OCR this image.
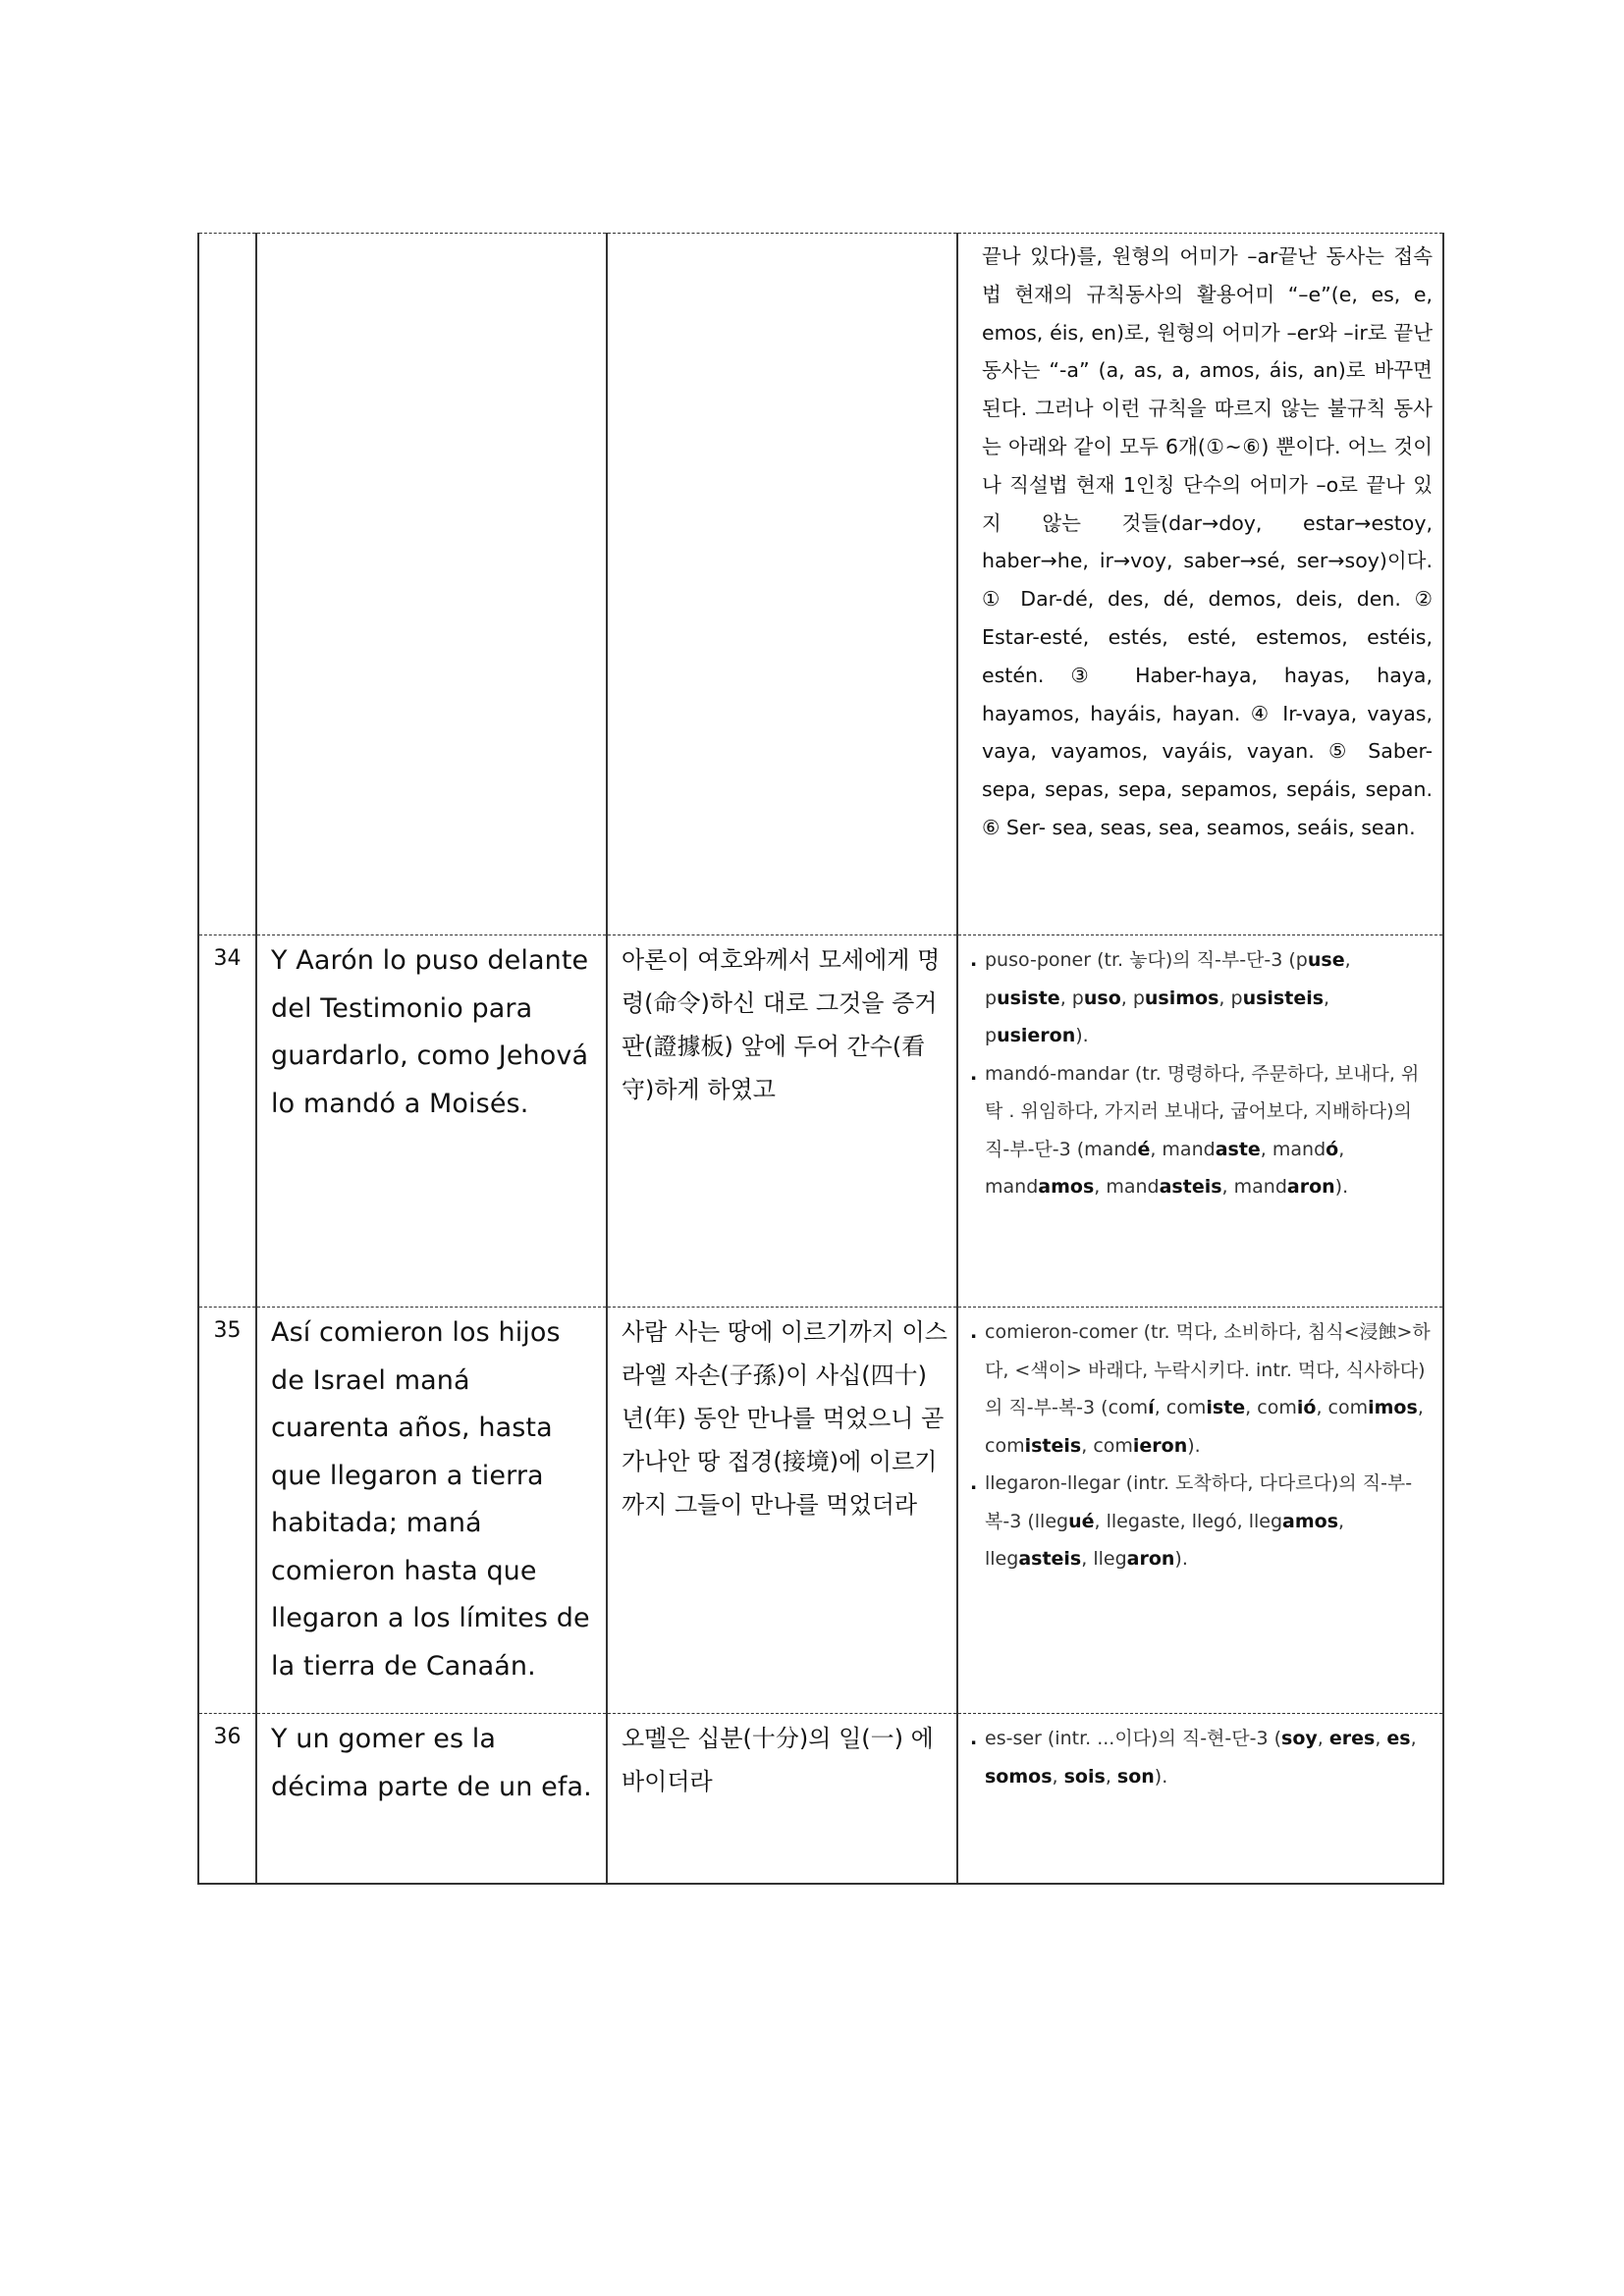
			끝나 있다)를, 원형의 어미가 –ar끝난 동사는 접속법 현재의 규칙동사의 활용어미 “–e”(e, es, e, emos, éis, en)로, 원형의 어미가 –er와 –ir로 끝난 동사는 “-a” (a, as, a, amos, áis, an)로 바꾸면 된다. 그러나 이런 규칙을 따르지 않는 불규칙 동사는 아래와 같이 모두 6개(①~⑥) 뿐이다. 어느 것이나 직설법 현재 1인칭 단수의 어미가 –o로 끝나 있지 않는 것들(dar→doy, estar→estoy, haber→he, ir→voy, saber→sé, ser→soy)이다. ① Dar-dé, des, dé, demos, deis, den. ② Estar-esté, estés, esté, estemos, estéis, estén. ③ Haber-haya, hayas, haya, hayamos, hayáis, hayan. ④ Ir-vaya, vayas, vaya, vayamos, vayáis, vayan. ⑤ Saber-sepa, sepas, sepa, sepamos, sepáis, sepan. ⑥ Ser- sea, seas, sea, seamos, seáis, sean.
34	Y Aarón lo puso delante del Testimonio para guardarlo, como Jehová lo mandó a Moisés.	아론이 여호와께서 모세에게 명령(命令)하신 대로 그것을 증거판(證據板) 앞에 두어 간수(看守)하게 하였고	. puso-poner (tr. 놓다)의 직-부-단-3 (puse, pusiste, puso, pusimos, pusisteis, pusieron).
. mandó-mandar (tr. 명령하다, 주문하다, 보내다, 위탁 . 위임하다, 가지러 보내다, 굽어보다, 지배하다)의 직-부-단-3 (mandé, mandaste, mandó, mandamos, mandasteis, mandaron).

35	Así comieron los hijos de Israel maná cuarenta años, hasta que llegaron a tierra habitada; maná comieron hasta que llegaron a los límites de la tierra de Canaán.	사람 사는 땅에 이르기까지 이스라엘 자손(子孫)이 사십(四十) 년(年) 동안 만나를 먹었으니 곧 가나안 땅 접경(接境)에 이르기까지 그들이 만나를 먹었더라	. comieron-comer (tr. 먹다, 소비하다, 침식<浸蝕>하다, <색이> 바래다, 누락시키다. intr. 먹다, 식사하다)의 직-부-복-3 (comí, comiste, comió, comimos, comisteis, comieron).
. llegaron-llegar (intr. 도착하다, 다다르다)의 직-부-복-3 (llegué, llegaste, llegó, llegamos, llegasteis, llegaron).

36	Y un gomer es la décima parte de un efa.	오멜은 십분(十分)의 일(一) 에바이더라	. es-ser (intr. ...이다)의 직-현-단-3 (soy, eres, es, somos, sois, son).
